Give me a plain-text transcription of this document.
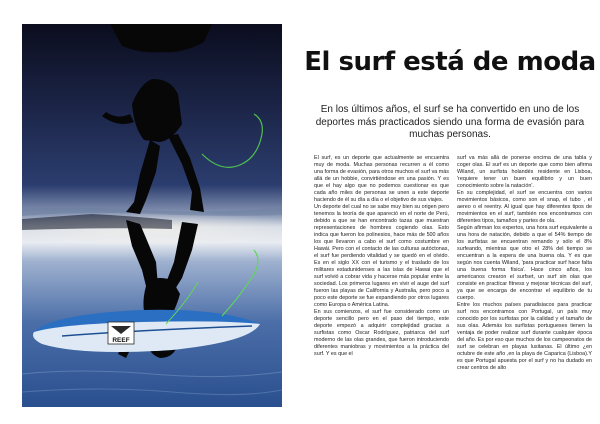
REEF
El surf está de moda
En los últimos años, el surf se ha convertido en uno de los deportes más practicados siendo una forma de evasión para muchas personas.

El surf, es un deporte que actualmente se encuentra muy de moda. Muchas personas recurren a él como una forma de evasión, para otros muchos el surf va más allá de un hobbie, convirtiéndose en una pasión. Y es que el hay algo que no podemos cuestionar es que cada año miles de personas se unen a este deporte haciendo de él su día a día o el objetivo de sus viajes.

Un deporte del cual no se sabe muy bien su origen pero tenemos la teoría de que apareció en el norte de Perú, debido a que se han encontrado tazas que muestran representaciones de hombres cogiendo olas. Esto indica que fueron los polinesios, hace más de 500 años los que llevaron a cabo el surf como costumbre en Hawái. Pero con el contacto de las culturas autóctonas, el surf fue perdiendo vitalidad y se quedó en el olvido. Es en el siglo XX con el turismo y el traslado de los militares estadunidenses a las islas de Hawai que el surf volvió a cobrar vida y hacerse más popular entre la sociedad. Los primeros lugares en vivir el auge del surf fueron las playas de California y Australia, pero poco a poco este deporte se fue expandiendo por otros lugares como Europa o América Latina.

En sus comienzos, el surf fue considerado como un deporte sencillo pero en el paso del tiempo, este deporte empezó a adquirir complejidad gracias a surfistas como Oscar Rodríguez, patriarca del surf moderno de las olas grandes, que fueron introduciendo diferentes maniobras y movimientos a la práctica del surf. Y es que el

surf va más allá de ponerse encima de una tabla y coger olas. El surf es un deporte que como bien afirma Wiland, un surfista holandés residente en Lisboa, 'requiere tener un buen equilibrio y un buen conocimiento sobre la natación'.

En su complejidad, el surf se encuentra con varios movimientos básicos, como son el snap, el tubo , el aereo o el reentry. Al igual que hay diferentes tipos de movimientos en el surf, también nos encontramos con diferentes tipos, tamaños y partes de ola.

Según afirman los expertos, una hora surf equivalente a una hora de natación, debido a que el 54% tiempo de los surfistas se encuentran remando y sólo el 8% surfeando, mientras que otro el 28% del tiempo se encuentran a la espera de una buena ola. Y es que según nos cuenta Wiland, 'para practicar surf hace falta una buena forma física'. Hace cinco años, los americanos crearon el surfset, un surf sin olas que consiste en practicar fitness y mejorar técnicas del surf, ya que se encarga de encontrar el equilibrio de tu cuerpo.

Entre los muchos países paradisiacos para practicar surf nos encontramos con Portugal, un país muy conocido por los surfistas por la calidad y el tamaño de sus olas. Además los surfistas portugueses tienen la ventaja de poder realizar surf durante cualquier época del año. Es por eso que muchos de los campeonatos de surf se celebran en playas lusitanas. El último ¿en octubre de este año ,en la playa de Caparica (Lisboa).Y es que Portugal apuesta por el surf y no ha dudado en crear centros de alto
